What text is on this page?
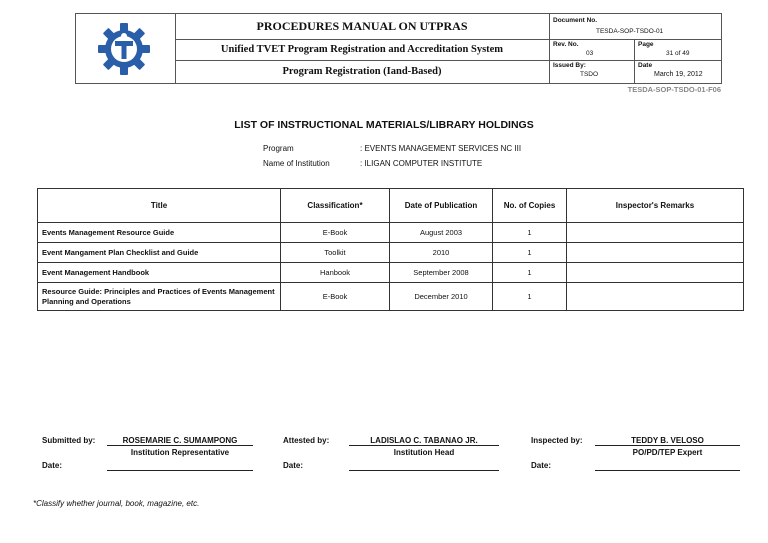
PROCEDURES MANUAL ON UTPRAS
Unified TVET Program Registration and Accreditation System
Program Registration (Iand-Based)
Document No.
TESDA-SOP-TSDO-01
Rev. No.
03
Page
31 of 49
Issued By:
TSDO
Date
March 19, 2012
TESDA-SOP-TSDO-01-F06
LIST OF INSTRUCTIONAL MATERIALS/LIBRARY HOLDINGS
Program	: EVENTS MANAGEMENT SERVICES NC III
Name of Institution	: ILIGAN COMPUTER INSTITUTE
Title	Classification*	Date of Publication	No. of Copies	Inspector's Remarks
Events Management Resource Guide	E-Book	August 2003	1	
Event Mangament Plan Checklist and Guide	Toolkit	2010	1	
Event Management Handbook	Hanbook	September 2008	1	
Resource Guide: Principles and Practices of Events Management Planning and Operations	E-Book	December 2010	1	
Submitted by:	ROSEMARIE C. SUMAMPONG
Institution Representative
Date:
Attested by:	LADISLAO C. TABANAO JR.
Institution Head
Date:
Inspected by:	TEDDY B. VELOSO
PO/PD/TEP Expert
Date:
*Classify whether journal, book, magazine, etc.
